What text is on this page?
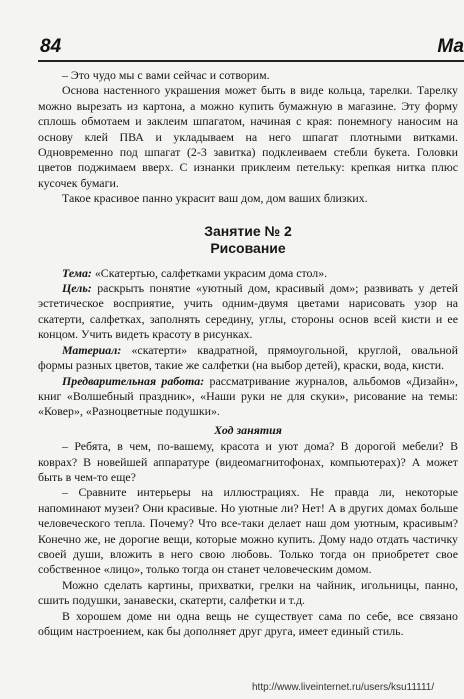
84	Ма

– Это чудо мы с вами сейчас и сотворим.

Основа настенного украшения может быть в виде кольца, тарелки. Тарелку можно вырезать из картона, а можно купить бумажную в магазине. Эту форму сплошь обмотаем и заклеим шпагатом, начиная с края: понемногу наносим на основу клей ПВА и укладываем на него шпагат плотными витками. Одновременно под шпагат (2-3 завитка) подклеиваем стебли букета. Головки цветов поджимаем вверх. С изнанки приклеим петельку: крепкая нитка плюс кусочек бумаги.

Такое красивое панно украсит ваш дом, дом ваших близких.

Занятие № 2
Рисование

Тема: «Скатертью, салфетками украсим дома стол».

Цель: раскрыть понятие «уютный дом, красивый дом»; развивать у детей эстетическое восприятие, учить одним-двумя цветами нарисовать узор на скатерти, салфетках, заполнять середину, углы, стороны основ всей кисти и ее концом. Учить видеть красоту в рисунках.

Материал: «скатерти» квадратной, прямоугольной, круглой, овальной формы разных цветов, такие же салфетки (на выбор детей), краски, вода, кисти.

Предварительная работа: рассматривание журналов, альбомов «Дизайн», книг «Волшебный праздник», «Наши руки не для скуки», рисование на темы: «Ковер», «Разноцветные подушки».

Ход занятия

– Ребята, в чем, по-вашему, красота и уют дома? В дорогой мебели? В коврах? В новейшей аппаратуре (видеомагнитофонах, компьютерах)? А может быть в чем-то еще?

– Сравните интерьеры на иллюстрациях. Не правда ли, некоторые напоминают музеи? Они красивые. Но уютные ли? Нет! А в других домах больше человеческого тепла. Почему? Что все-таки делает наш дом уютным, красивым? Конечно же, не дорогие вещи, которые можно купить. Дому надо отдать частичку своей души, вложить в него свою любовь. Только тогда он приобретет свое собственное «лицо», только тогда он станет человеческим домом.

Можно сделать картины, прихватки, грелки на чайник, игольницы, панно, сшить подушки, занавески, скатерти, салфетки и т.д.

В хорошем доме ни одна вещь не существует сама по себе, все связано общим настроением, как бы дополняет друг друга, имеет единый стиль.

http://www.liveinternet.ru/users/ksu11111/
